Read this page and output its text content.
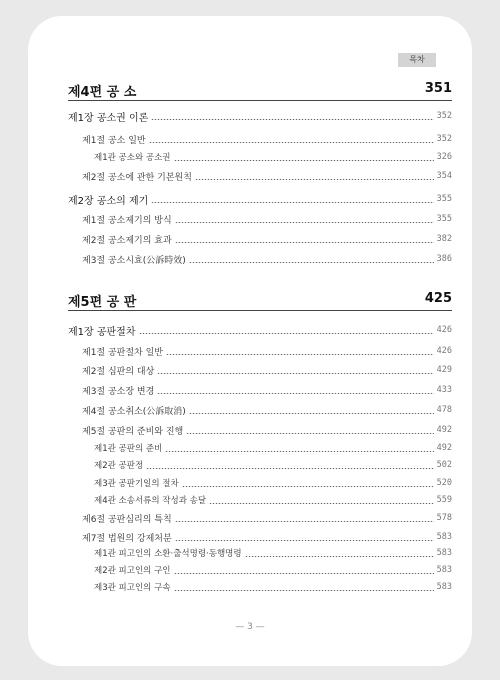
목차
제4편 공 소	351
제1장 공소권 이론	352
제1절 공소 일반	352
제1관 공소와 공소권	326
제2절 공소에 관한 기본원칙	354
제2장 공소의 제기	355
제1절 공소제기의 방식	355
제2절 공소제기의 효과	382
제3절 공소시효(公訴時效)	386
제5편 공 판	425
제1장 공판절차	426
제1절 공판절차 일반	426
제2절 심판의 대상	429
제3절 공소장 변경	433
제4절 공소취소(公訴取消)	478
제5절 공판의 준비와 진행	492
제1관 공판의 준비	492
제2관 공판정	502
제3관 공판기일의 절차	520
제4관 소송서류의 작성과 송달	559
제6절 공판심리의 특칙	578
제7절 법원의 강제처분	583
제1관 피고인의 소환·출석명령·동행명령	583
제2관 피고인의 구인	583
제3관 피고인의 구속	583
— 3 —
